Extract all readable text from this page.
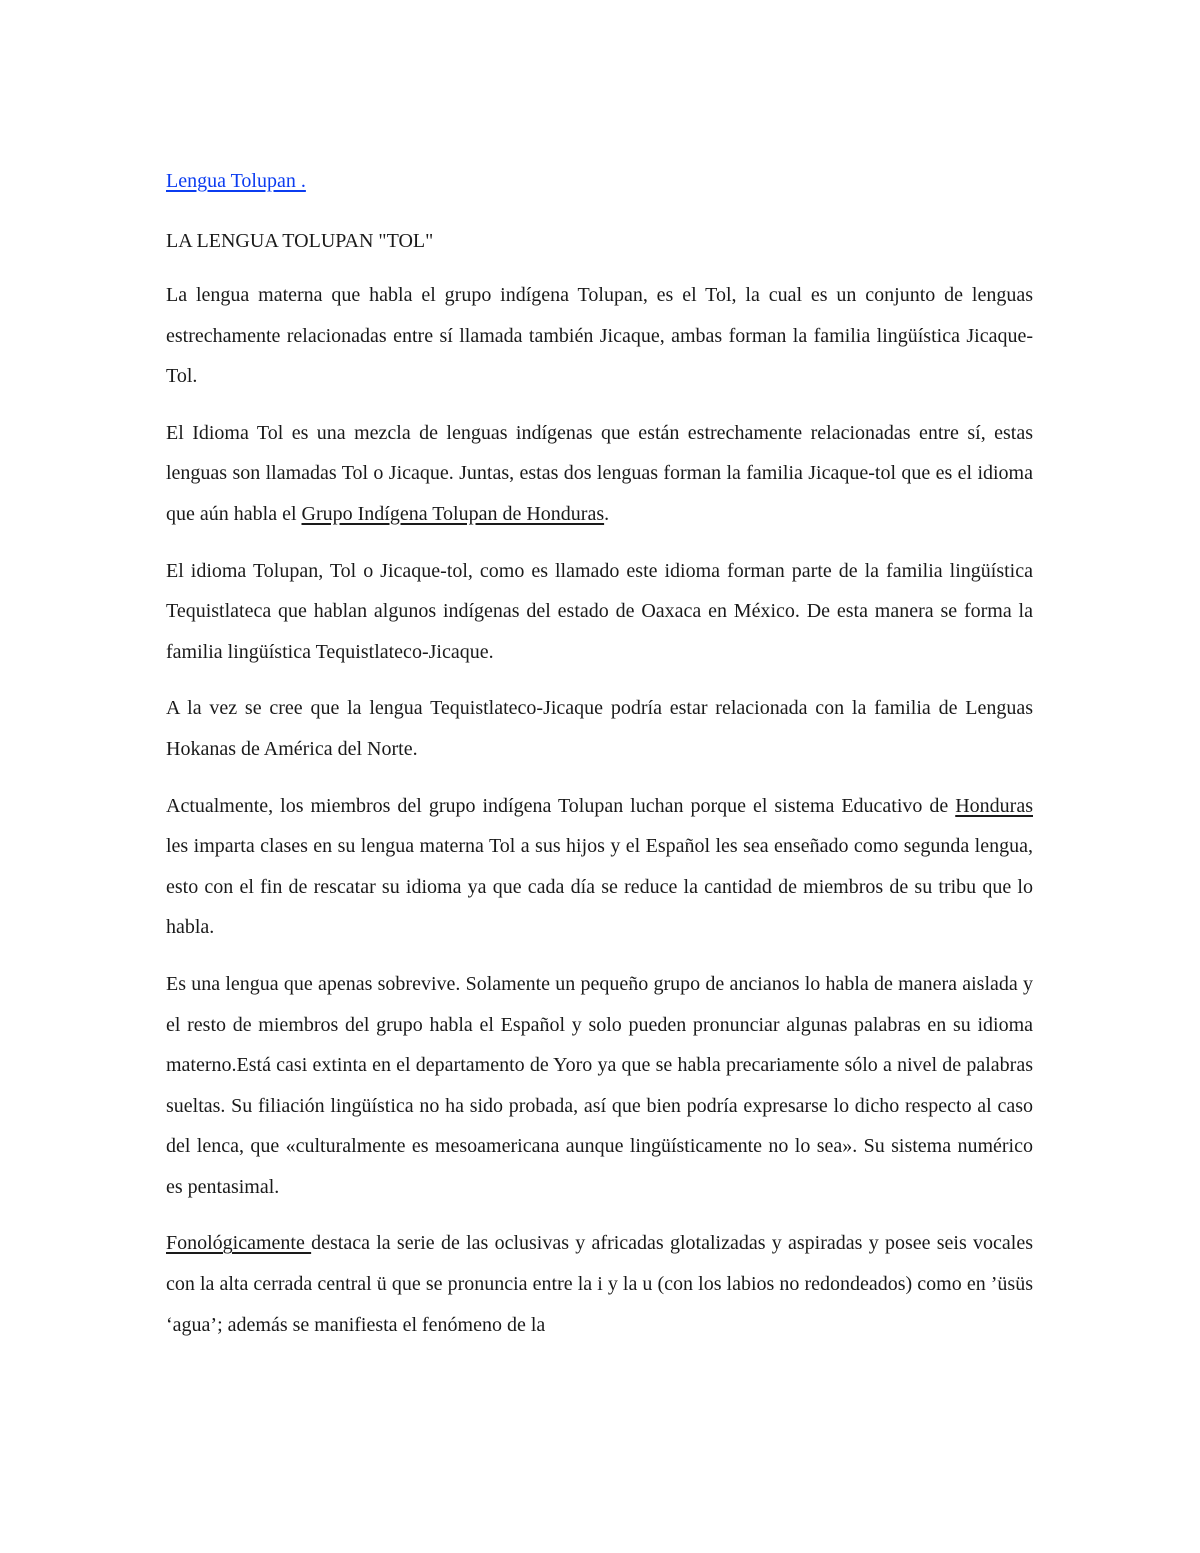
Lengua Tolupan .

LA LENGUA TOLUPAN "TOL"

La lengua materna que habla el grupo indígena Tolupan, es el Tol, la cual es un conjunto de lenguas estrechamente relacionadas entre sí llamada también Jicaque, ambas forman la familia lingüística Jicaque-Tol.

El Idioma Tol es una mezcla de lenguas indígenas que están estrechamente relacionadas entre sí, estas lenguas son llamadas Tol o Jicaque. Juntas, estas dos lenguas forman la familia Jicaque-tol que es el idioma que aún habla el Grupo Indígena Tolupan de Honduras.

El idioma Tolupan, Tol o Jicaque-tol, como es llamado este idioma forman parte de la familia lingüística Tequistlateca que hablan algunos indígenas del estado de Oaxaca en México. De esta manera se forma la familia lingüística Tequistlateco-Jicaque.

A la vez se cree que la lengua Tequistlateco-Jicaque podría estar relacionada con la familia de Lenguas Hokanas de América del Norte.

Actualmente, los miembros del grupo indígena Tolupan luchan porque el sistema Educativo de Honduras les imparta clases en su lengua materna Tol a sus hijos y el Español les sea enseñado como segunda lengua, esto con el fin de rescatar su idioma ya que cada día se reduce la cantidad de miembros de su tribu que lo habla.

Es una lengua que apenas sobrevive. Solamente un pequeño grupo de ancianos lo habla de manera aislada y el resto de miembros del grupo habla el Español y solo pueden pronunciar algunas palabras en su idioma materno.Está casi extinta en el departamento de Yoro ya que se habla precariamente sólo a nivel de palabras sueltas. Su filiación lingüística no ha sido probada, así que bien podría expresarse lo dicho respecto al caso del lenca, que «culturalmente es mesoamericana aunque lingüísticamente no lo sea». Su sistema numérico es pentasimal.

Fonológicamente destaca la serie de las oclusivas y africadas glotalizadas y aspiradas y posee seis vocales con la alta cerrada central ü que se pronuncia entre la i y la u (con los labios no redondeados) como en ’üsüs ‘agua’; además se manifiesta el fenómeno de la
